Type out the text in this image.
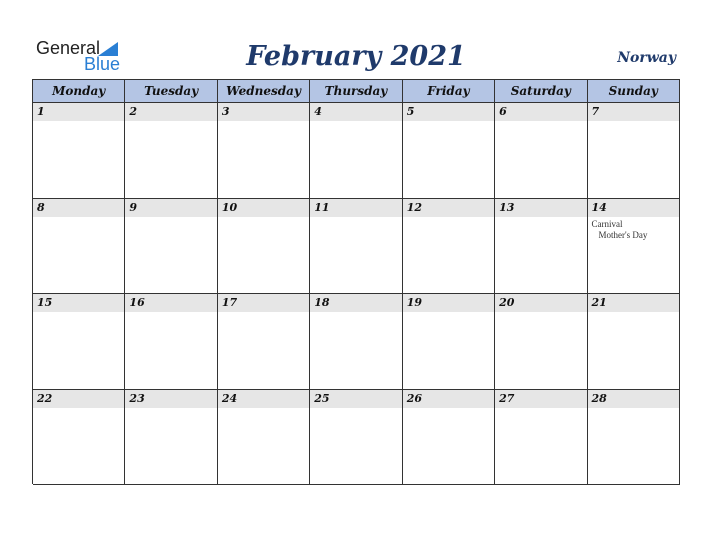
General
Blue	February 2021	Norway
Monday	Tuesday	Wednesday	Thursday	Friday	Saturday	Sunday
1	2	3	4	5	6	7
8	9	10	11	12	13	14
Carnival
Mother's Day
15	16	17	18	19	20	21
22	23	24	25	26	27	28
